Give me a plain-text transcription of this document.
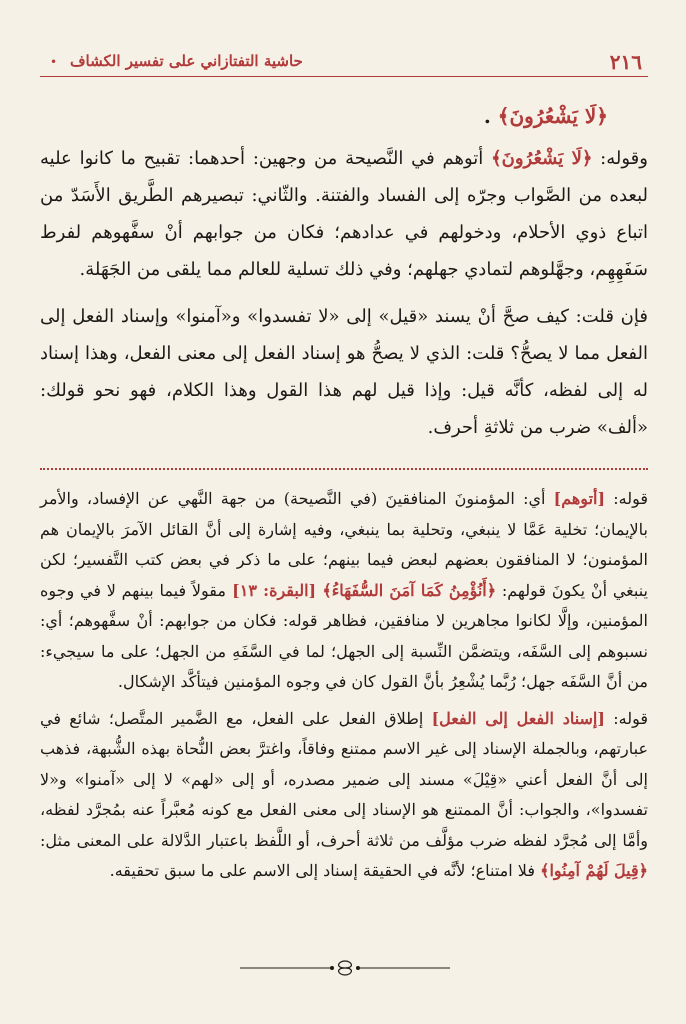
٢١٦
حاشية التفتازاني على تفسير الكشاف
•
﴿لَا يَشْعُرُونَ﴾ .

وقوله: ﴿لَا يَشْعُرُونَ﴾ أتوهم في النَّصيحة من وجهين: أحدهما: تقبيح ما كانوا عليه لبعده من الصَّواب وجرّه إلى الفساد والفتنة. والثّاني: تبصيرهم الطَّريق الأَسَدّ من اتباع ذوي الأحلام، ودخولهم في عدادهم؛ فكان من جوابهم أنْ سفَّهوهم لفرط سَفَهِهِم، وجهَّلوهم لتمادي جهلهم؛ وفي ذلك تسلية للعالم مما يلقى من الجَهَلة.

فإن قلت: كيف صحَّ أنْ يسند «قيل» إلى «لا تفسدوا» و«آمنوا» وإسناد الفعل إلى الفعل مما لا يصحُّ؟ قلت: الذي لا يصحُّ هو إسناد الفعل إلى معنى الفعل، وهذا إسناد له إلى لفظه، كأنَّه قيل: وإذا قيل لهم هذا القول وهذا الكلام، فهو نحو قولك: «ألف» ضرب من ثلاثةِ أحرف.

قوله: [أتوهم] أي: المؤمنونَ المنافقينَ (في النَّصيحة) من جهة النَّهي عن الإفساد، والأمر بالإيمان؛ تخلية عَمَّا لا ينبغي، وتحلية بما ينبغي، وفيه إشارة إلى أنَّ القائل الآمرَ بالإيمان هم المؤمنون؛ لا المنافقون بعضهم لبعض فيما بينهم؛ على ما ذكر في بعض كتب التَّفسير؛ لكن ينبغي أنْ يكونَ قولهم: ﴿أَنُؤْمِنُ كَمَا آمَنَ السُّفَهَاءُ﴾ [البقرة: ١٣] مقولاً فيما بينهم لا في وجوه المؤمنين، وإلَّا لكانوا مجاهرين لا منافقين، فظاهر قوله: فكان من جوابهم: أنْ سفَّهوهم؛ أي: نسبوهم إلى السَّفَه، ويتضمَّن النِّسبة إلى الجهل؛ لما في السَّفَهِ من الجهل؛ على ما سيجيء: من أنَّ السَّفَه جهل؛ رُبَّما يُشْعِرُ بأنَّ القول كان في وجوه المؤمنين فيتأكَّد الإشكال.

قوله: [إسناد الفعل إلى الفعل] إطلاق الفعل على الفعل، مع الضَّمير المتَّصل؛ شائع في عبارتهم، وبالجملة الإسناد إلى غير الاسم ممتنع وفاقاً، واغترَّ بعض النُّحاة بهذه الشُّبهة، فذهب إلى أنَّ الفعل أعني «قِيْلَ» مسند إلى ضمير مصدره، أو إلى «لهم» لا إلى «آمنوا» و«لا تفسدوا»، والجواب: أنَّ الممتنع هو الإسناد إلى معنى الفعل مع كونه مُعبَّراً عنه بمُجرَّد لفظه، وأمَّا إلى مُجرَّد لفظه ضرب مؤلَّف من ثلاثة أحرف، أو اللَّفظ باعتبار الدَّلالة على المعنى مثل: ﴿قِيلَ لَهُمْ آمِنُوا﴾ فلا امتناع؛ لأنَّه في الحقيقة إسناد إلى الاسم على ما سبق تحقيقه.
